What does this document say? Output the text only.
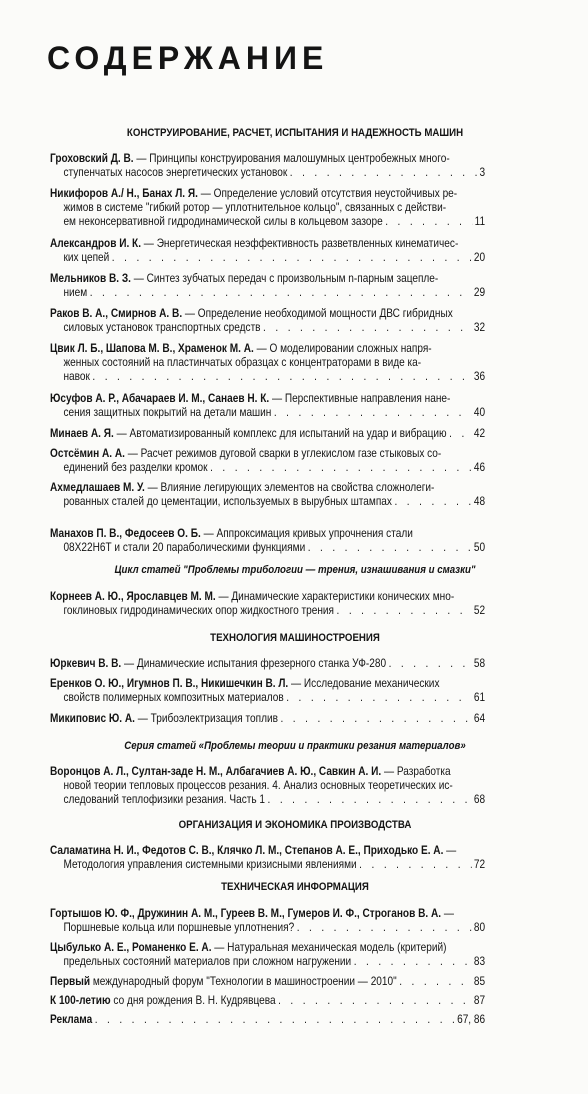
СОДЕРЖАНИЕ
КОНСТРУИРОВАНИЕ, РАСЧЕТ, ИСПЫТАНИЯ И НАДЕЖНОСТЬ МАШИН

Гроховский Д. В. — Принципы конструирования малошумных центробежных много-

ступенчатых насосов энергетических установок . . .	3

Никифоров А./ Н., Банах Л. Я. — Определение условий отсутствия неустойчивых ре-

жимов в системе "гибкий ротор — уплотнительное кольцо", связанных с действи-

ем неконсервативной гидродинамической силы в кольцевом зазоре . . .	11

Александров И. К. — Энергетическая неэффективность разветвленных кинематичес-

ких цепей . . .	20

Мельников В. З. — Синтез зубчатых передач с произвольным n-парным зацепле-

нием . . .	29

Раков В. А., Смирнов А. В. — Определение необходимой мощности ДВС гибридных

силовых установок транспортных средств . . .	32

Цвик Л. Б., Шапова М. В., Храменок М. А. — О моделировании сложных напря-

женных состояний на пластинчатых образцах с концентраторами в виде ка-

навок . . .	36

Юсуфов А. Р., Абачараев И. М., Санаев Н. К. — Перспективные направления нане-

сения защитных покрытий на детали машин . . .	40

Минаев А. Я. — Автоматизированный комплекс для испытаний на удар и вибрацию . . . 42

Остсёмин А. А. — Расчет режимов дуговой сварки в углекислом газе стыковых со-

единений без разделки кромок . . .	46

Ахмедлашаев М. У. — Влияние легирующих элементов на свойства сложнолеги-

рованных сталей до цементации, используемых в вырубных штампах . . .	48

Манахов П. В., Федосеев О. Б. — Аппроксимация кривых упрочнения стали

08Х22Н6Т и стали 20 параболическими функциями . . .	50

Цикл статей "Проблемы трибологии — трения, изнашивания и смазки"

Корнеев А. Ю., Ярославцев М. М. — Динамические характеристики конических мно-

гоклиновых гидродинамических опор жидкостного трения . . .	52

ТЕХНОЛОГИЯ МАШИНОСТРОЕНИЯ

Юркевич В. В. — Динамические испытания фрезерного станка УФ-280 . . .	58

Еренков О. Ю., Игумнов П. В., Никишечкин В. Л. — Исследование механических

свойств полимерных композитных материалов . . .	61

Микиповис Ю. А. — Трибоэлектризация топлив . . .	64

Серия статей «Проблемы теории и практики резания материалов»

Воронцов А. Л., Султан-заде Н. М., Албагачиев А. Ю., Савкин А. И. — Разработка

новой теории тепловых процессов резания. 4. Анализ основных теоретических ис-

следований теплофизики резания. Часть 1 . . .	68

ОРГАНИЗАЦИЯ И ЭКОНОМИКА ПРОИЗВОДСТВА

Саламатина Н. И., Федотов С. В., Клячко Л. М., Степанов А. Е., Приходько Е. А. —

Методология управления системными кризисными явлениями . . .	72

ТЕХНИЧЕСКАЯ ИНФОРМАЦИЯ

Гортышов Ю. Ф., Дружинин А. М., Гуреев В. М., Гумеров И. Ф., Строганов В. А. —

Поршневые кольца или поршневые уплотнения? . . .	80

Цыбулько А. Е., Романенко Е. А. — Натуральная механическая модель (критерий)

предельных состояний материалов при сложном нагружении . . .	83

Первый международный форум "Технологии в машиностроении — 2010" . . .	85

К 100-летию со дня рождения В. Н. Кудрявцева . . .	87

Реклама . . .	67, 86
